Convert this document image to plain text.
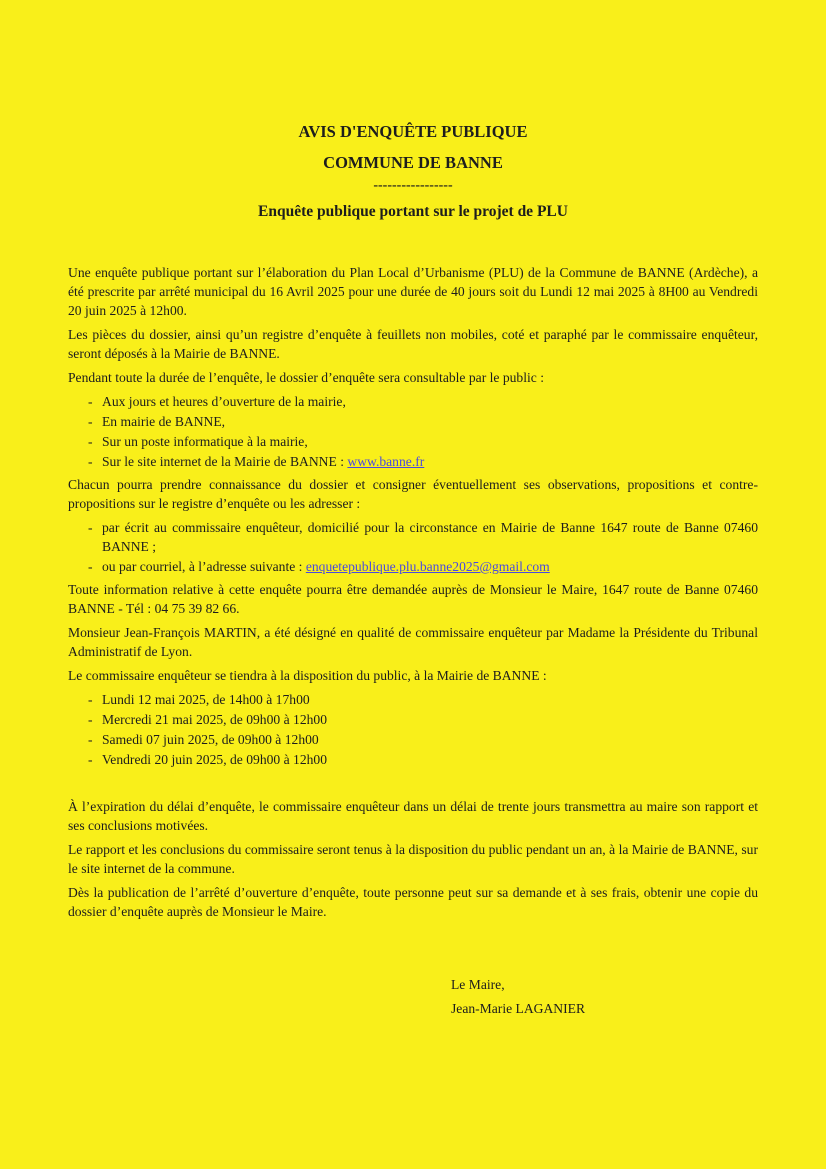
AVIS D'ENQUÊTE PUBLIQUE
COMMUNE DE BANNE
-----------------
Enquête publique portant sur le projet de PLU

Une enquête publique portant sur l’élaboration du Plan Local d’Urbanisme (PLU) de la Commune de BANNE (Ardèche), a été prescrite par arrêté municipal du 16 Avril 2025 pour une durée de 40 jours soit du Lundi 12 mai 2025 à 8H00 au Vendredi 20 juin 2025 à 12h00.

Les pièces du dossier, ainsi qu’un registre d’enquête à feuillets non mobiles, coté et paraphé par le commissaire enquêteur, seront déposés à la Mairie de BANNE.

Pendant toute la durée de l’enquête, le dossier d’enquête sera consultable par le public :

- Aux jours et heures d’ouverture de la mairie,
- En mairie de BANNE,
- Sur un poste informatique à la mairie,
- Sur le site internet de la Mairie de BANNE : www.banne.fr

Chacun pourra prendre connaissance du dossier et consigner éventuellement ses observations, propositions et contre-propositions sur le registre d’enquête ou les adresser :

- par écrit au commissaire enquêteur, domicilié pour la circonstance en Mairie de Banne 1647 route de Banne 07460 BANNE ;
- ou par courriel, à l’adresse suivante : enquetepublique.plu.banne2025@gmail.com

Toute information relative à cette enquête pourra être demandée auprès de Monsieur le Maire, 1647 route de Banne 07460 BANNE - Tél : 04 75 39 82 66.

Monsieur Jean-François MARTIN, a été désigné en qualité de commissaire enquêteur par Madame la Présidente du Tribunal Administratif de Lyon.

Le commissaire enquêteur se tiendra à la disposition du public, à la Mairie de BANNE :

- Lundi 12 mai 2025, de 14h00 à 17h00
- Mercredi 21 mai 2025, de 09h00 à 12h00
- Samedi 07 juin 2025, de 09h00 à 12h00
- Vendredi 20 juin 2025, de 09h00 à 12h00

À l’expiration du délai d’enquête, le commissaire enquêteur dans un délai de trente jours transmettra au maire son rapport et ses conclusions motivées.

Le rapport et les conclusions du commissaire seront tenus à la disposition du public pendant un an, à la Mairie de BANNE, sur le site internet de la commune.

Dès la publication de l’arrêté d’ouverture d’enquête, toute personne peut sur sa demande et à ses frais, obtenir une copie du dossier d’enquête auprès de Monsieur le Maire.

Le Maire,
Jean-Marie LAGANIER
